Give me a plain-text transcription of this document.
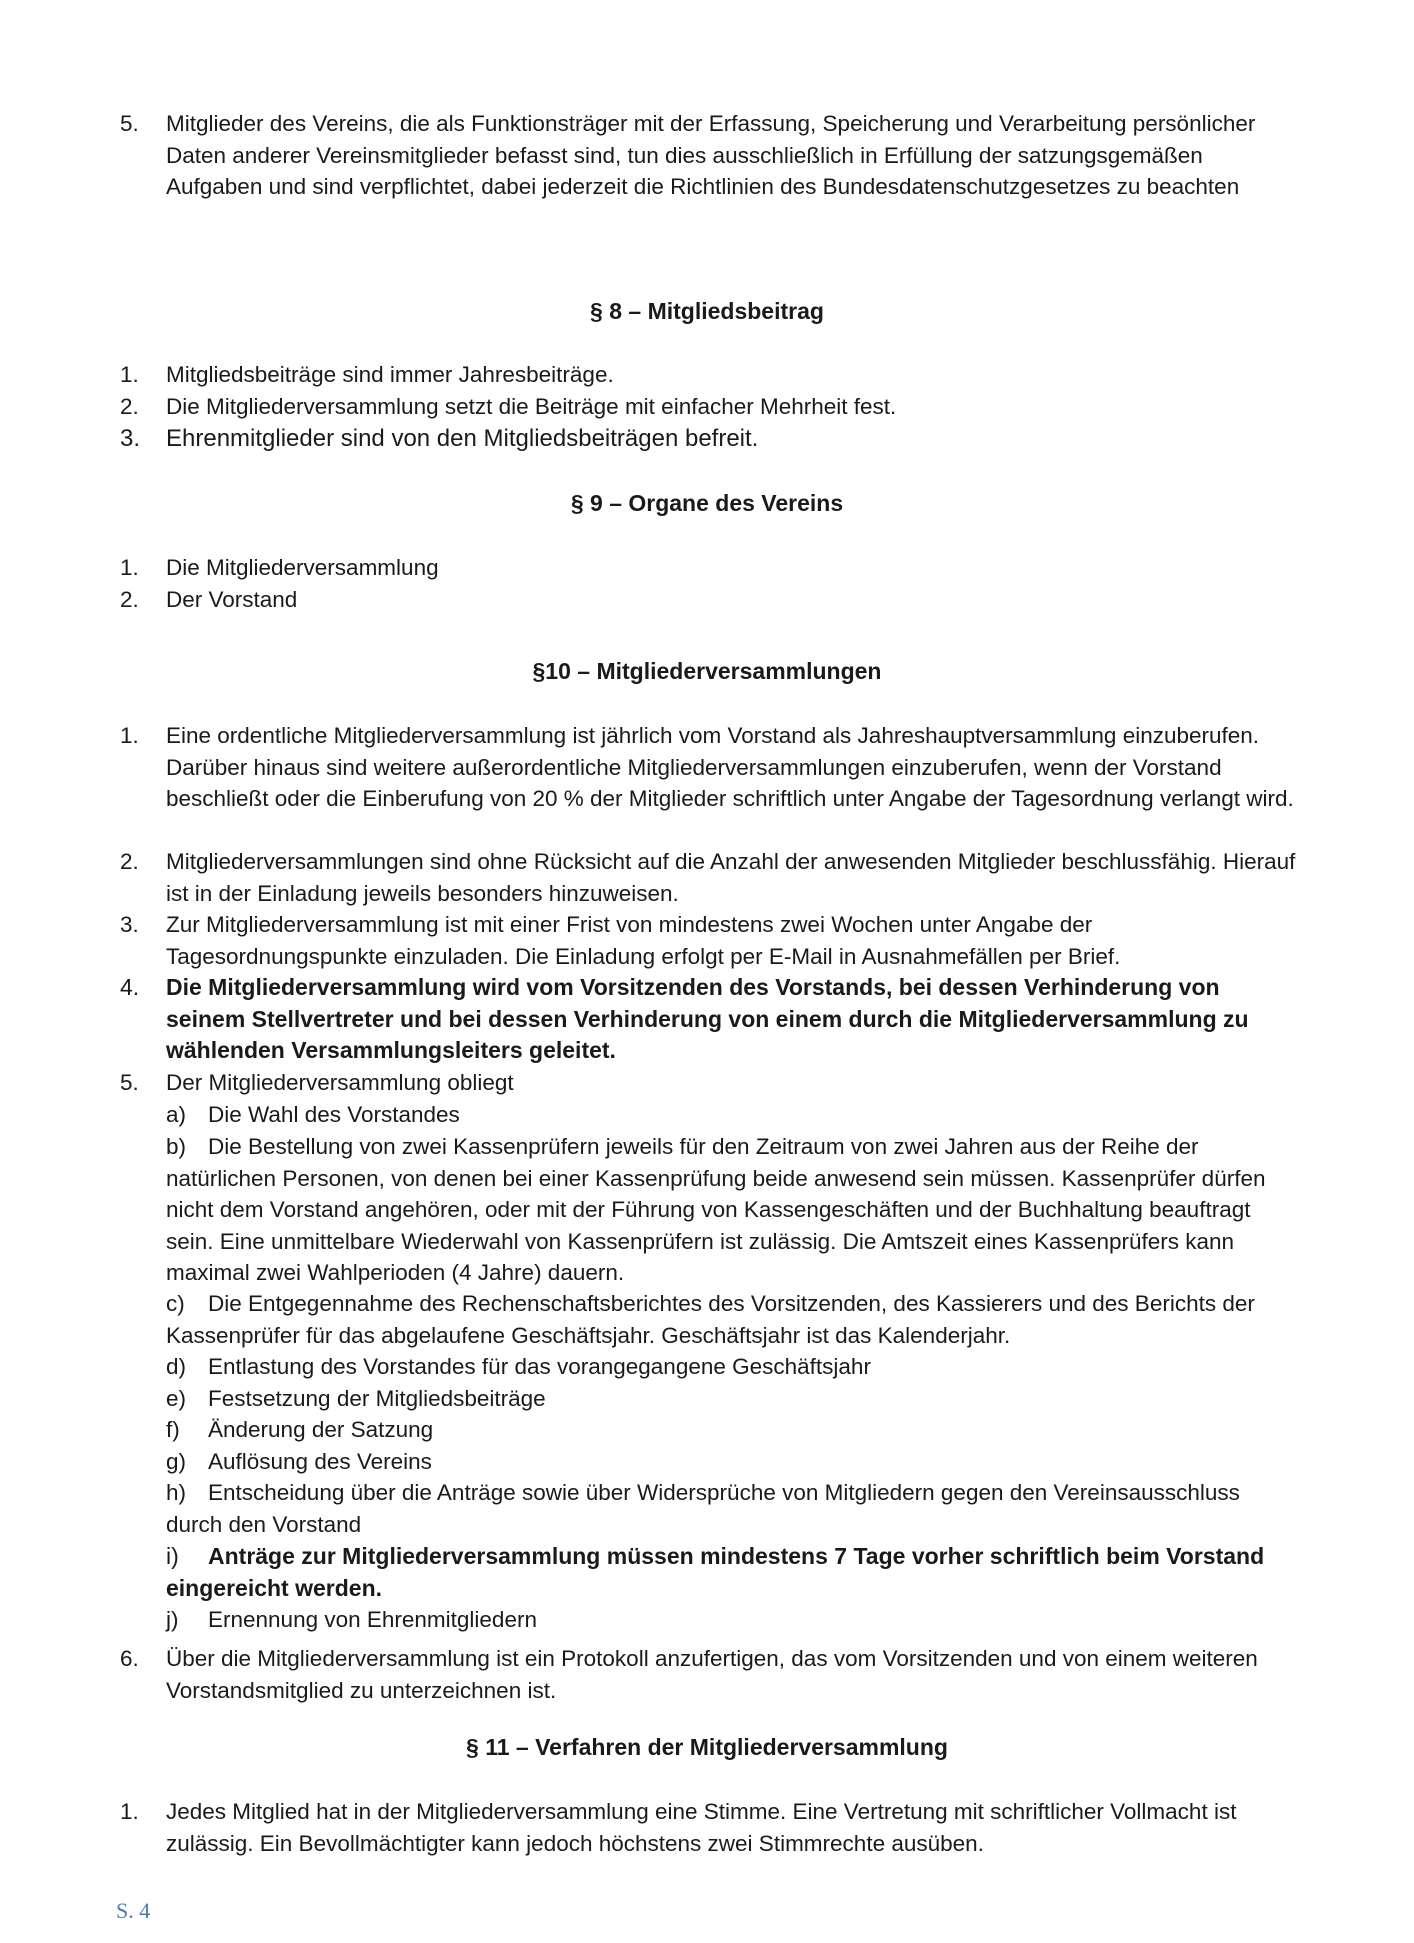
5. Mitglieder des Vereins, die als Funktionsträger mit der Erfassung, Speicherung und Verarbeitung persönlicher Daten anderer Vereinsmitglieder befasst sind, tun dies ausschließlich in Erfüllung der satzungsgemäßen Aufgaben und sind verpflichtet, dabei jederzeit die Richtlinien des Bundesdatenschutzgesetzes zu beachten
§ 8 – Mitgliedsbeitrag
1. Mitgliedsbeiträge sind immer Jahresbeiträge.
2. Die Mitgliederversammlung setzt die Beiträge mit einfacher Mehrheit fest.
3. Ehrenmitglieder sind von den Mitgliedsbeiträgen befreit.
§ 9 – Organe des Vereins
1. Die Mitgliederversammlung
2. Der Vorstand
§10 – Mitgliederversammlungen
1. Eine ordentliche Mitgliederversammlung ist jährlich vom Vorstand als Jahreshauptversammlung einzuberufen. Darüber hinaus sind weitere außerordentliche Mitgliederversammlungen einzuberufen, wenn der Vorstand beschließt oder die Einberufung von 20 % der Mitglieder schriftlich unter Angabe der Tagesordnung verlangt wird.
2. Mitgliederversammlungen sind ohne Rücksicht auf die Anzahl der anwesenden Mitglieder beschlussfähig. Hierauf ist in der Einladung jeweils besonders hinzuweisen.
3. Zur Mitgliederversammlung ist mit einer Frist von mindestens zwei Wochen unter Angabe der Tagesordnungspunkte einzuladen. Die Einladung erfolgt per E-Mail in Ausnahmefällen per Brief.
4. Die Mitgliederversammlung wird vom Vorsitzenden des Vorstands, bei dessen Verhinderung von seinem Stellvertreter und bei dessen Verhinderung von einem durch die Mitgliederversammlung zu wählenden Versammlungsleiters geleitet.
5. Der Mitgliederversammlung obliegt
a) Die Wahl des Vorstandes
b) Die Bestellung von zwei Kassenprüfern jeweils für den Zeitraum von zwei Jahren aus der Reihe der natürlichen Personen, von denen bei einer Kassenprüfung beide anwesend sein müssen. Kassenprüfer dürfen nicht dem Vorstand angehören, oder mit der Führung von Kassengeschäften und der Buchhaltung beauftragt sein. Eine unmittelbare Wiederwahl von Kassenprüfern ist zulässig. Die Amtszeit eines Kassenprüfers kann maximal zwei Wahlperioden (4 Jahre) dauern.
c) Die Entgegennahme des Rechenschaftsberichtes des Vorsitzenden, des Kassierers und des Berichts der Kassenprüfer für das abgelaufene Geschäftsjahr. Geschäftsjahr ist das Kalenderjahr.
d) Entlastung des Vorstandes für das vorangegangene Geschäftsjahr
e) Festsetzung der Mitgliedsbeiträge
f) Änderung der Satzung
g) Auflösung des Vereins
h) Entscheidung über die Anträge sowie über Widersprüche von Mitgliedern gegen den Vereinsausschluss durch den Vorstand
i) Anträge zur Mitgliederversammlung müssen mindestens 7 Tage vorher schriftlich beim Vorstand eingereicht werden.
j) Ernennung von Ehrenmitgliedern
6. Über die Mitgliederversammlung ist ein Protokoll anzufertigen, das vom Vorsitzenden und von einem weiteren Vorstandsmitglied zu unterzeichnen ist.
§ 11 – Verfahren der Mitgliederversammlung
1. Jedes Mitglied hat in der Mitgliederversammlung eine Stimme. Eine Vertretung mit schriftlicher Vollmacht ist zulässig. Ein Bevollmächtigter kann jedoch höchstens zwei Stimmrechte ausüben.
S. 4
